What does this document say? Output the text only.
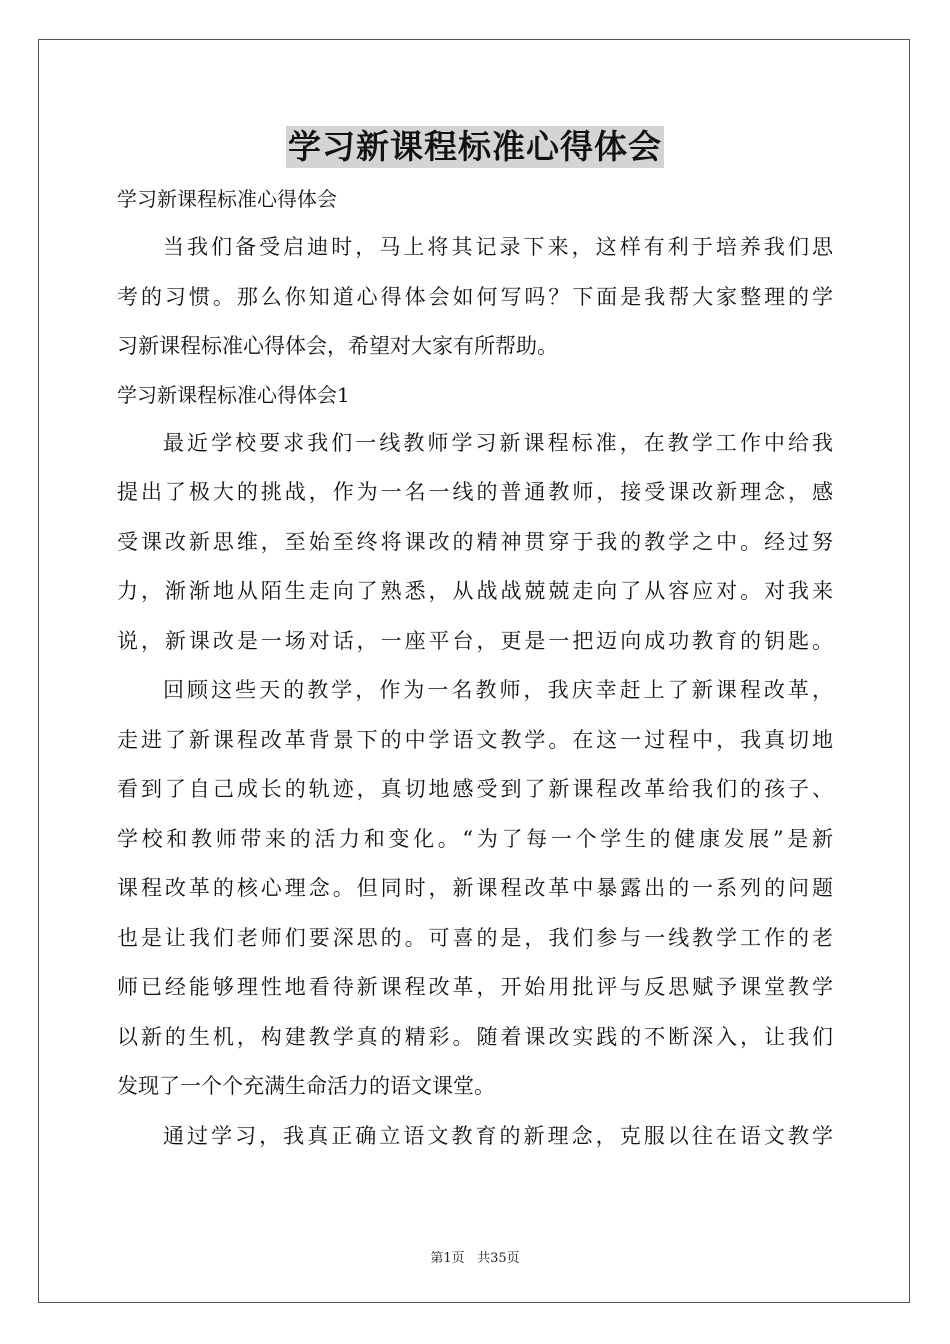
学习新课程标准心得体会
学习新课程标准心得体会
当我们备受启迪时，马上将其记录下来，这样有利于培养我们思
考的习惯。那么你知道心得体会如何写吗？下面是我帮大家整理的学
习新课程标准心得体会，希望对大家有所帮助。
学习新课程标准心得体会1
最近学校要求我们一线教师学习新课程标准，在教学工作中给我
提出了极大的挑战，作为一名一线的普通教师，接受课改新理念，感
受课改新思维，至始至终将课改的精神贯穿于我的教学之中。经过努
力，渐渐地从陌生走向了熟悉，从战战兢兢走向了从容应对。对我来
说，新课改是一场对话，一座平台，更是一把迈向成功教育的钥匙。
回顾这些天的教学，作为一名教师，我庆幸赶上了新课程改革，
走进了新课程改革背景下的中学语文教学。在这一过程中，我真切地
看到了自己成长的轨迹，真切地感受到了新课程改革给我们的孩子、
学校和教师带来的活力和变化。“为了每一个学生的健康发展”是新
课程改革的核心理念。但同时，新课程改革中暴露出的一系列的问题
也是让我们老师们要深思的。可喜的是，我们参与一线教学工作的老
师已经能够理性地看待新课程改革，开始用批评与反思赋予课堂教学
以新的生机，构建教学真的精彩。随着课改实践的不断深入，让我们
发现了一个个充满生命活力的语文课堂。
通过学习，我真正确立语文教育的新理念，克服以往在语文教学
第1页 共35页
